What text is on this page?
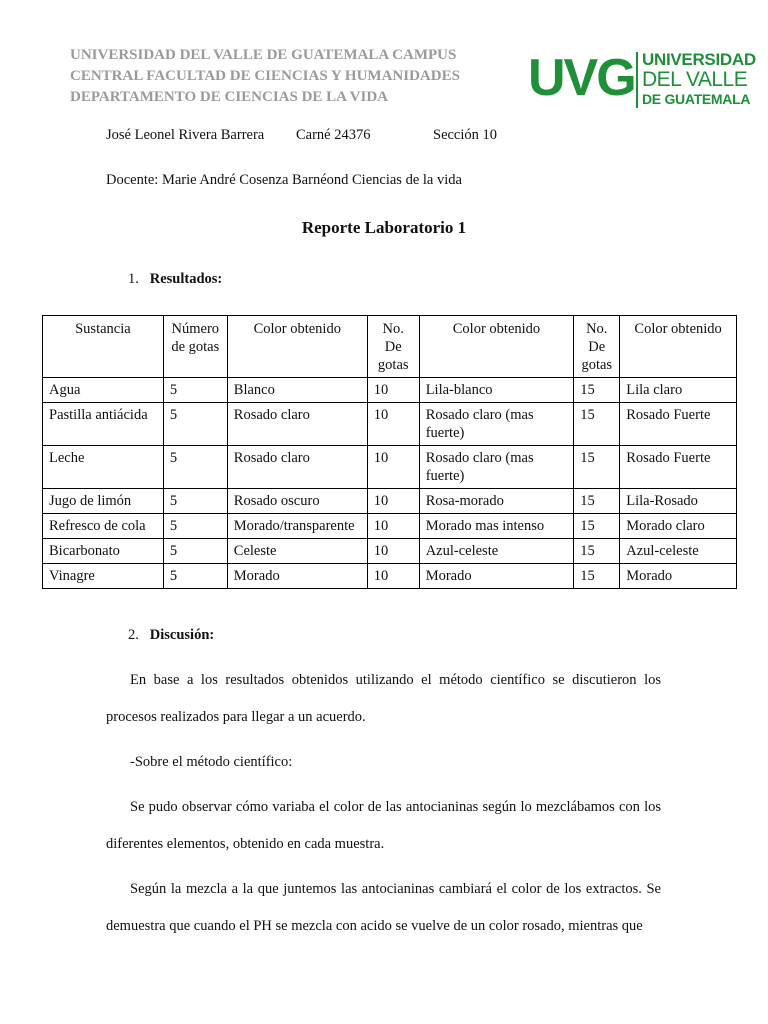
UNIVERSIDAD DEL VALLE DE GUATEMALA CAMPUS
CENTRAL FACULTAD DE CIENCIAS Y HUMANIDADES
DEPARTAMENTO DE CIENCIAS DE LA VIDA	UVG UNIVERSIDAD
DEL VALLE
DE GUATEMALA
José Leonel Rivera Barrera Carné 24376	Sección 10
Docente: Marie André Cosenza Barnéond Ciencias de la vida
Reporte Laboratorio 1
1. Resultados:
Sustancia	Número de gotas	Color obtenido	No. De gotas	Color obtenido	No. De gotas	Color obtenido
Agua	5	Blanco	10	Lila-blanco	15	Lila claro
Pastilla antiácida	5	Rosado claro	10	Rosado claro (mas fuerte)	15	Rosado Fuerte
Leche	5	Rosado claro	10	Rosado claro (mas fuerte)	15	Rosado Fuerte
Jugo de limón	5	Rosado oscuro	10	Rosa-morado	15	Lila-Rosado
Refresco de cola	5	Morado/transparente	10	Morado mas intenso	15	Morado claro
Bicarbonato	5	Celeste	10	Azul-celeste	15	Azul-celeste
Vinagre	5	Morado	10	Morado	15	Morado
2. Discusión:
En base a los resultados obtenidos utilizando el método científico se discutieron los procesos realizados para llegar a un acuerdo.
-Sobre el método científico:
Se pudo observar cómo variaba el color de las antocianinas según lo mezclábamos con los diferentes elementos, obtenido en cada muestra.
Según la mezcla a la que juntemos las antocianinas cambiará el color de los extractos. Se demuestra que cuando el PH se mezcla con acido se vuelve de un color rosado, mientras que
